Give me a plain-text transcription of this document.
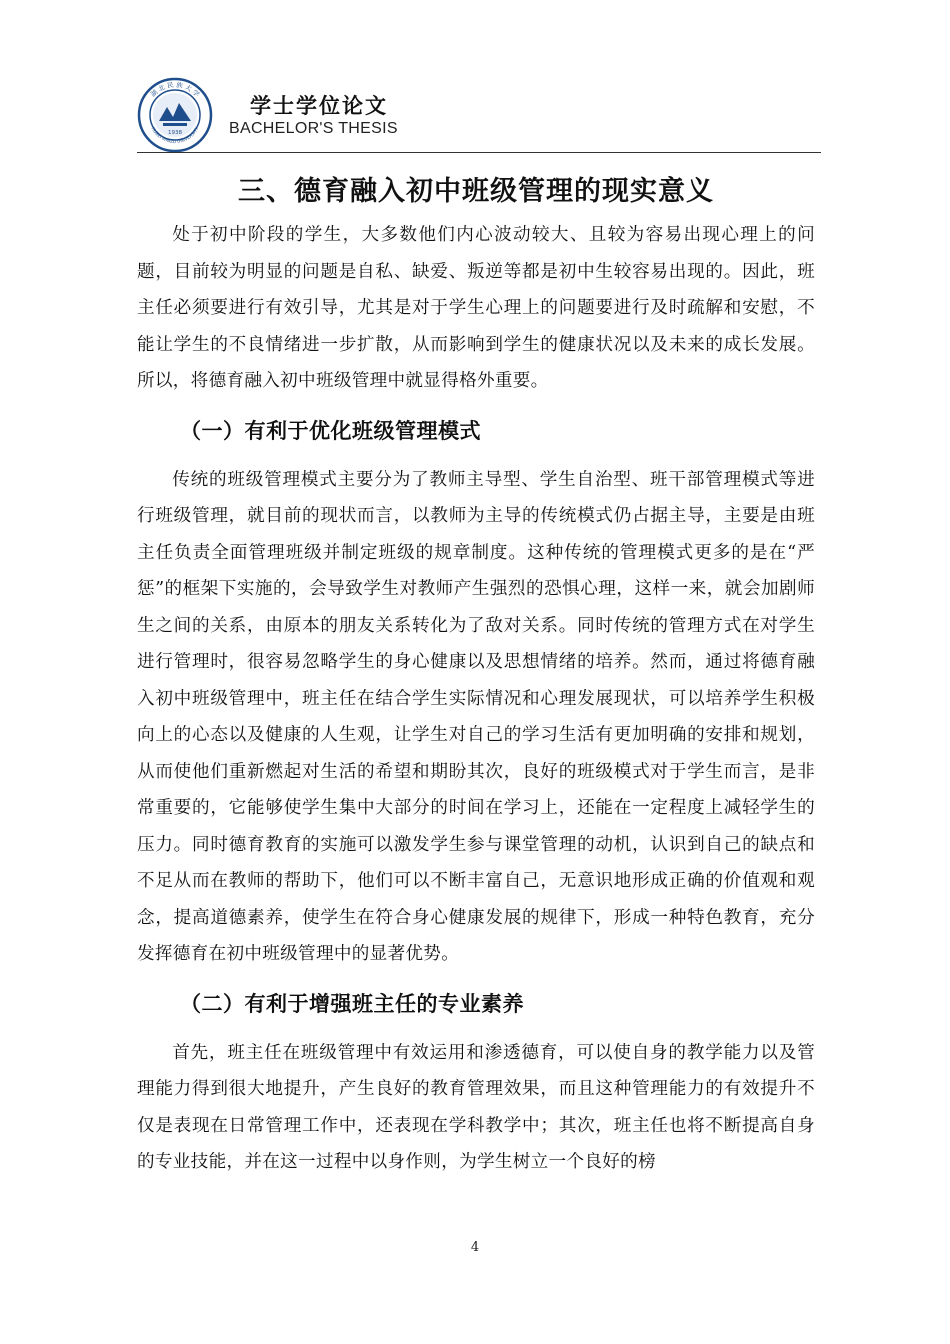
1938
湖 北 民 族 大 学
HUBEI MINZU UNIVERSITY
学士学位论文
BACHELOR'S THESIS
三、德育融入初中班级管理的现实意义

处于初中阶段的学生，大多数他们内心波动较大、且较为容易出现心理上的问题，目前较为明显的问题是自私、缺爱、叛逆等都是初中生较容易出现的。因此，班主任必须要进行有效引导，尤其是对于学生心理上的问题要进行及时疏解和安慰，不能让学生的不良情绪进一步扩散，从而影响到学生的健康状况以及未来的成长发展。所以，将德育融入初中班级管理中就显得格外重要。

（一）有利于优化班级管理模式

传统的班级管理模式主要分为了教师主导型、学生自治型、班干部管理模式等进行班级管理，就目前的现状而言，以教师为主导的传统模式仍占据主导，主要是由班主任负责全面管理班级并制定班级的规章制度。这种传统的管理模式更多的是在“严惩”的框架下实施的，会导致学生对教师产生强烈的恐惧心理，这样一来，就会加剧师生之间的关系，由原本的朋友关系转化为了敌对关系。同时传统的管理方式在对学生进行管理时，很容易忽略学生的身心健康以及思想情绪的培养。然而，通过将德育融入初中班级管理中，班主任在结合学生实际情况和心理发展现状，可以培养学生积极向上的心态以及健康的人生观，让学生对自己的学习生活有更加明确的安排和规划，从而使他们重新燃起对生活的希望和期盼其次，良好的班级模式对于学生而言，是非常重要的，它能够使学生集中大部分的时间在学习上，还能在一定程度上减轻学生的压力。同时德育教育的实施可以激发学生参与课堂管理的动机，认识到自己的缺点和不足从而在教师的帮助下，他们可以不断丰富自己，无意识地形成正确的价值观和观念，提高道德素养，使学生在符合身心健康发展的规律下，形成一种特色教育，充分发挥德育在初中班级管理中的显著优势。

（二）有利于增强班主任的专业素养

首先，班主任在班级管理中有效运用和渗透德育，可以使自身的教学能力以及管理能力得到很大地提升，产生良好的教育管理效果，而且这种管理能力的有效提升不仅是表现在日常管理工作中，还表现在学科教学中；其次，班主任也将不断提高自身的专业技能，并在这一过程中以身作则，为学生树立一个良好的榜

4
